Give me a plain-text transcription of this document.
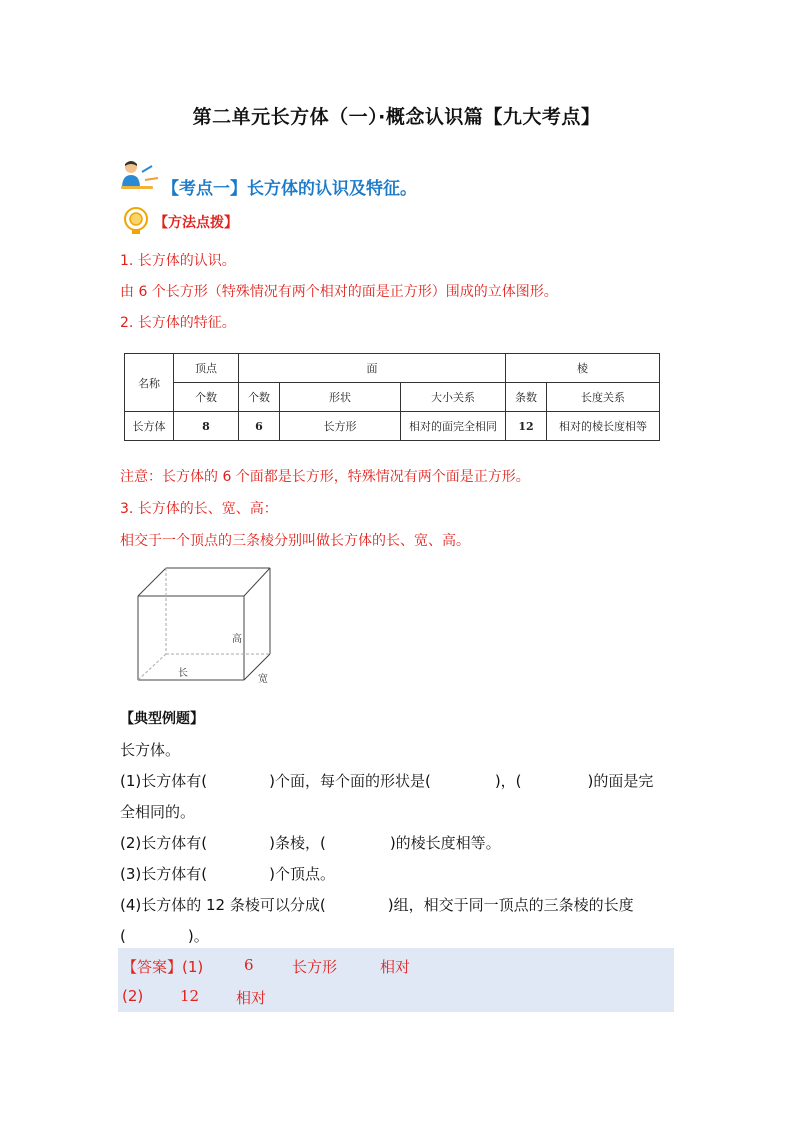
第二单元长方体（一）·概念认识篇【九大考点】
【考点一】长方体的认识及特征。
【方法点拨】
1. 长方体的认识。
由 6 个长方形（特殊情况有两个相对的面是正方形）围成的立体图形。
2. 长方体的特征。
名称	顶点	面			棱	
	个数	个数	形状	大小关系	条数	长度关系
长方体	8	6	长方形	相对的面完全相同	12	相对的棱长度相等
注意：长方体的 6 个面都是长方形，特殊情况有两个面是正方形。
3. 长方体的长、宽、高：
相交于一个顶点的三条棱分别叫做长方体的长、宽、高。
高
长
宽
【典型例题】
长方体。
(1)长方体有(	)个面，每个面的形状是(	)，(	)的面是完
全相同的。
(2)长方体有(	)条棱，(	)的棱长度相等。
(3)长方体有(	)个顶点。
(4)长方体的 12 条棱可以分成(	)组，相交于同一顶点的三条棱的长度
(	)。
【答案】(1)	6	长方形	相对
(2) 12 相对
